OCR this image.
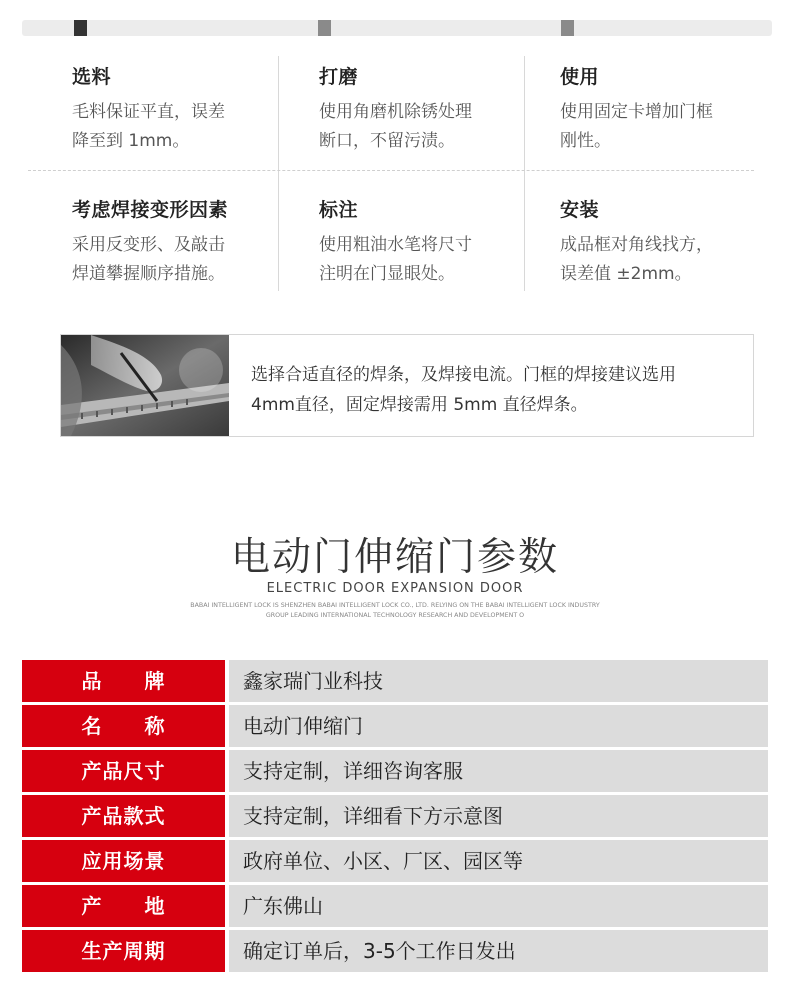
选料
毛料保证平直，误差
降至到 1mm。
打磨
使用角磨机除锈处理
断口，不留污渍。
使用
使用固定卡增加门框
刚性。
考虑焊接变形因素
采用反变形、及敲击
焊道攀握顺序措施。
标注
使用粗油水笔将尺寸
注明在门显眼处。
安装
成品框对角线找方，
误差值 ±2mm。
选择合适直径的焊条，及焊接电流。门框的焊接建议选用
4mm直径，固定焊接需用 5mm 直径焊条。
电动门伸缩门参数
ELECTRIC DOOR EXPANSION DOOR
BABAI INTELLIGENT LOCK IS SHENZHEN BABAI INTELLIGENT LOCK CO., LTD. RELYING ON THE BABAI INTELLIGENT LOCK INDUSTRY
GROUP LEADING INTERNATIONAL TECHNOLOGY RESEARCH AND DEVELOPMENT O
品　　牌	鑫家瑞门业科技
名　　称	电动门伸缩门
产品尺寸	支持定制，详细咨询客服
产品款式	支持定制，详细看下方示意图
应用场景	政府单位、小区、厂区、园区等
产　　地	广东佛山
生产周期	确定订单后，3-5个工作日发出
